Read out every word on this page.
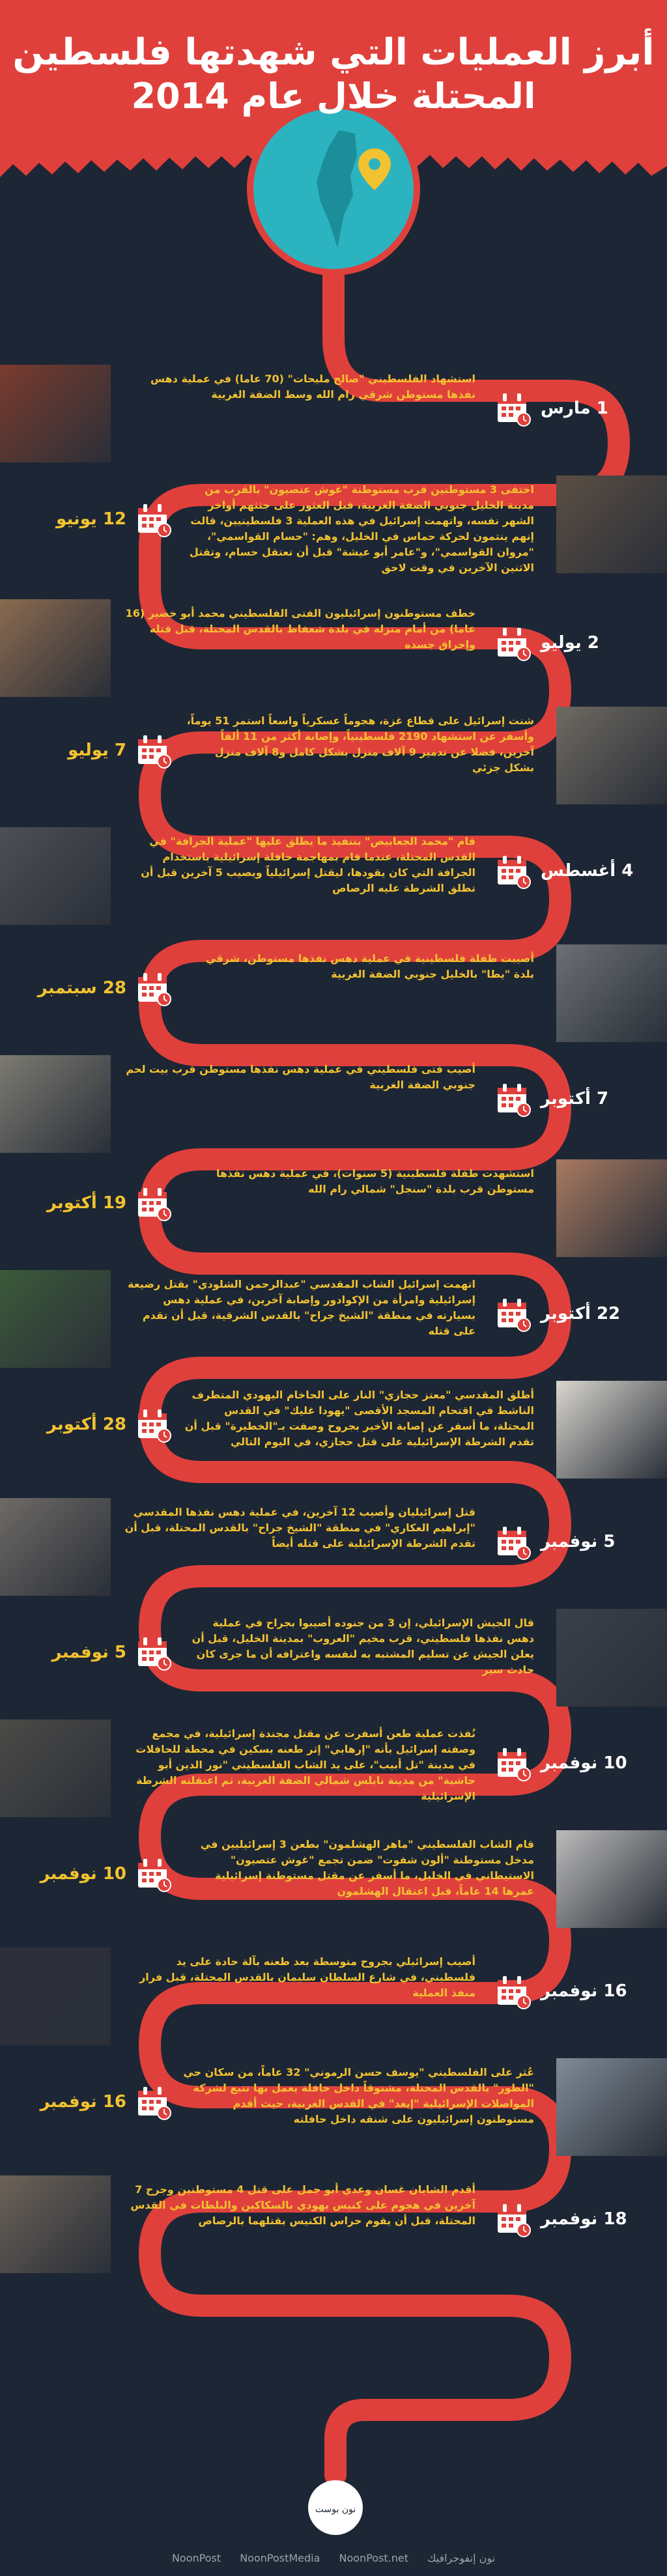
أبرز العمليات التي شهدتها فلسطين
المحتلة خلال عام 2014
1 مارس
استشهاد الفلسطيني "صالح مليحات" (70 عاما) في عملية دهس نفذها مستوطن شرقي رام الله وسط الضفة الغربية
12 يونيو
اختفى 3 مستوطنين قرب مستوطنة "غوش عتصيون" بالقرب من مدينة الخليل جنوبي الضفة الغربية، قبل العثور على جثثهم أواخر الشهر نفسه، واتهمت إسرائيل في هذه العملية 3 فلسطينيين، قالت إنهم ينتمون لحركة حماس في الخليل، وهم: "حسام القواسمي"، "مروان القواسمي"، و"عامر أبو عيشة" قبل أن تعتقل حسام، وتقتل الاثنين الآخرين في وقت لاحق
2 يوليو
خطف مستوطنون إسرائيليون الفتى الفلسطيني محمد أبو خضير (16 عاما) من أمام منزله في بلدة شعفاط بالقدس المحتلة، قبل قتله وإحراق جسده
7 يوليو
شنت إسرائيل على قطاع غزة، هجوماً عسكرياً واسعاً استمر 51 يوماً، وأسفر عن استشهاد 2190 فلسطينياً، وإصابة أكثر من 11 ألفاً آخرين، فضلا عن تدمير 9 آلاف منزل بشكل كامل و8 آلاف منزل بشكل جزئي
4 أغسطس
قام "محمد الجعابيص" بتنفيذ ما يطلق عليها "عملية الجرافة" في القدس المحتلة، عندما قام بمهاجمة حافلة إسرائيلية باستخدام الجرافة التي كان يقودها، ليقتل إسرائيلياً ويصيب 5 آخرين قبل أن تطلق الشرطة عليه الرصاص
28 سبتمبر
أصيبت طفلة فلسطينية في عملية دهس نفذها مستوطن، شرقي بلدة "يطا" بالخليل جنوبي الضفة الغربية
7 أكتوبر
أصيب فتى فلسطيني في عملية دهس نفذها مستوطن قرب بيت لحم جنوبي الضفة الغربية
19 أكتوبر
استشهدت طفلة فلسطينية (5 سنوات)، في عملية دهس نفذها مستوطن قرب بلدة "سنجل" شمالي رام الله
22 أكتوبر
اتهمت إسرائيل الشاب المقدسي "عبدالرحمن الشلودي" بقتل رضيعة إسرائيلية وامرأة من الإكوادور وإصابة آخرين، في عملية دهس بسيارته في منطقة "الشيخ جراح" بالقدس الشرقية، قبل أن تقدم على قتله
28 أكتوبر
أطلق المقدسي "معتز حجازي" النار على الحاخام اليهودي المتطرف الناشط في اقتحام المسجد الأقصى "يهودا غليك" في القدس المحتلة، ما أسفر عن إصابة الأخير بجروح وصفت بـ"الخطيرة" قبل أن تقدم الشرطة الإسرائيلية على قتل حجازي، في اليوم التالي
5 نوفمبر
قتل إسرائيليان وأصيب 12 آخرين، في عملية دهس نفذها المقدسي "إبراهيم العكاري" في منطقة "الشيخ جراح" بالقدس المحتلة، قبل أن تقدم الشرطة الإسرائيلية على قتله أيضاً
5 نوفمبر
قال الجيش الإسرائيلي، إن 3 من جنوده أصيبوا بجراح في عملية دهس نفذها فلسطيني، قرب مخيم "العروب" بمدينة الخليل، قبل أن يعلن الجيش عن تسليم المشتبه به لنفسه واعترافه أن ما جرى كان حادث سير
10 نوفمبر
نُفذت عملية طعن أسفرت عن مقتل مجندة إسرائيلية، في مجمع وصفته إسرائيل بأنه "إرهابي" إثر طعنه بسكين في محطة للحافلات في مدينة "تل أبيب"، على يد الشاب الفلسطيني "نور الدين أبو حاشية" من مدينة نابلس شمالي الضفة الغربية، ثم اعتقلته الشرطة الإسرائيلية
10 نوفمبر
قام الشاب الفلسطيني "ماهر الهشلمون" بطعن 3 إسرائيليين في مدخل مستوطنة "ألون شفوت" ضمن تجمع "غوش عتصيون" الاستيطاني في الخليل، ما أسفر عن مقتل مستوطنة إسرائيلية عمرها 14 عاماً، قبل اعتقال الهشلمون
16 نوفمبر
أصيب إسرائيلي بجروح متوسطة بعد طعنه بآلة حادة على يد فلسطيني، في شارع السلطان سليمان بالقدس المحتلة، قبل فرار منفذ العملية
16 نوفمبر
عُثر على الفلسطيني "يوسف حسن الرموني" 32 عاماً، من سكان حي "الطور" بالقدس المحتلة، مشنوقاً داخل حافلة يعمل بها تتبع لشركة المواصلات الإسرائيلية "إيغد" في القدس الغربية، حيث أقدم مستوطنون إسرائيليون على شنقه داخل حافلته
18 نوفمبر
أقدم الشابان غسان وعدي أبو جمل على قتل 4 مستوطنين وجرح 7 آخرين في هجوم على كنيس يهودي بالسكاكين والبلطات في القدس المحتلة، قبل أن يقوم حراس الكنيس بقتلهما بالرصاص
نون بوست
NoonPost NoonPostMedia NoonPost.net نون إنفوجرافيك
